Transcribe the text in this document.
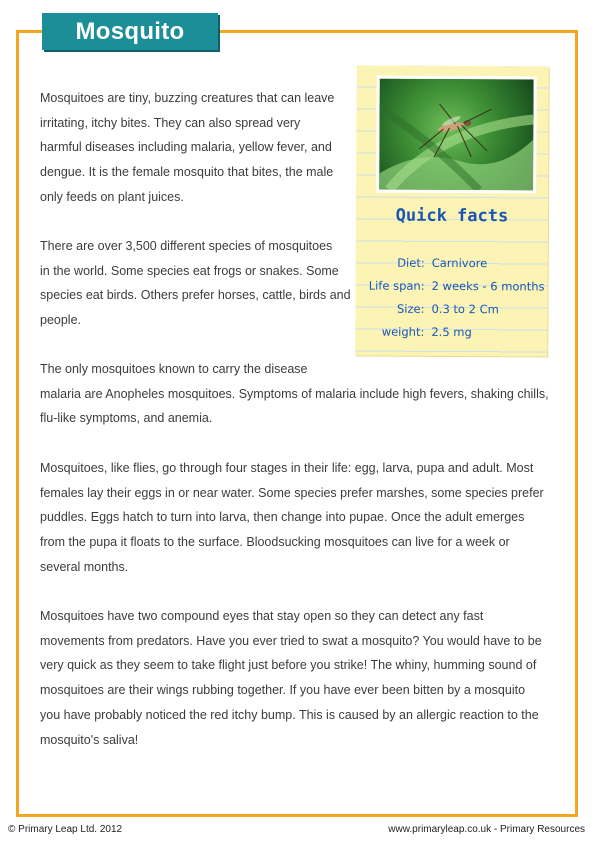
Mosquito

Mosquitoes are tiny, buzzing creatures that can leave
irritating, itchy bites. They can also spread very
harmful diseases including malaria, yellow fever, and
dengue. It is the female mosquito that bites, the male
only feeds on plant juices.

There are over 3,500 different species of mosquitoes
in the world. Some species eat frogs or snakes. Some
species eat birds. Others prefer horses, cattle, birds and
people.

The only mosquitoes known to carry the disease
malaria are Anopheles mosquitoes. Symptoms of malaria include high fevers, shaking chills,
flu-like symptoms, and anemia.

Mosquitoes, like flies, go through four stages in their life: egg, larva, pupa and adult. Most
females lay their eggs in or near water. Some species prefer marshes, some species prefer
puddles. Eggs hatch to turn into larva, then change into pupae. Once the adult emerges
from the pupa it floats to the surface. Bloodsucking mosquitoes can live for a week or
several months.

Mosquitoes have two compound eyes that stay open so they can detect any fast
movements from predators. Have you ever tried to swat a mosquito? You would have to be
very quick as they seem to take flight just before you strike! The whiny, humming sound of
mosquitoes are their wings rubbing together. If you have ever been bitten by a mosquito
you have probably noticed the red itchy bump. This is caused by an allergic reaction to the
mosquito's saliva!

Quick facts
Diet: Carnivore
Life span: 2 weeks - 6 months
Size: 0.3 to 2 Cm
weight: 2.5 mg
© Primary Leap Ltd. 2012	www.primaryleap.co.uk - Primary Resources
